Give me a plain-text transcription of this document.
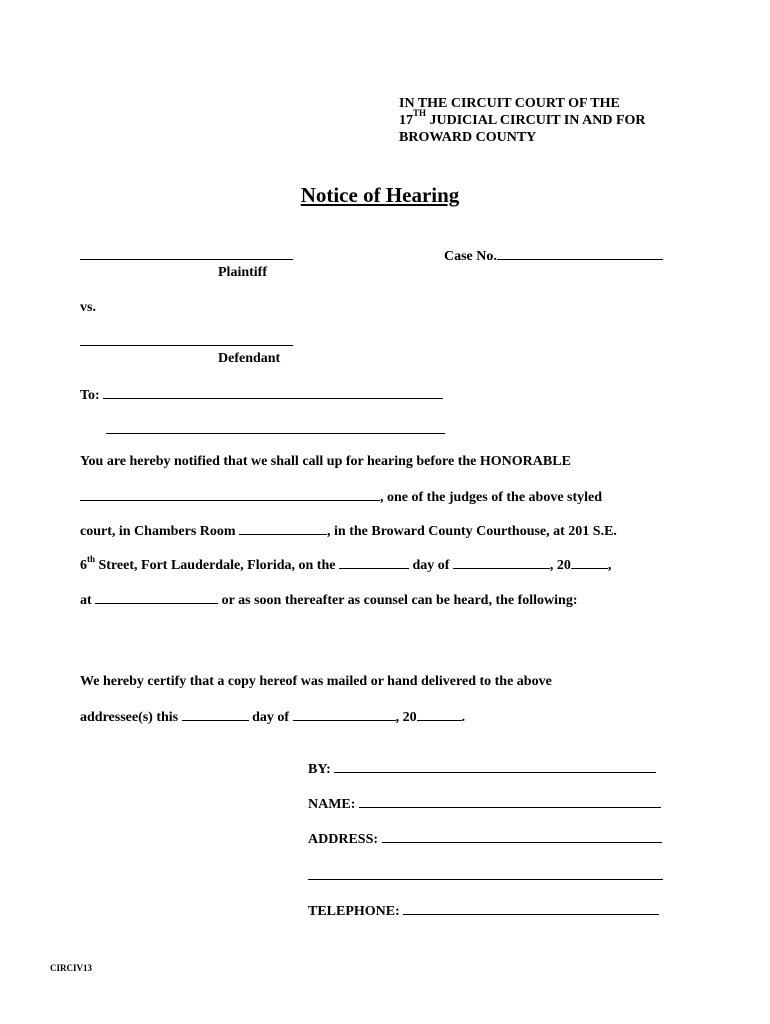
IN THE CIRCUIT COURT OF THE
17TH JUDICIAL CIRCUIT IN AND FOR
BROWARD COUNTY
Notice of Hearing
Plaintiff
Case No.
vs.
Defendant
To:
You are hereby notified that we shall call up for hearing before the HONORABLE
, one of the judges of the above styled
court, in Chambers Room	, in the Broward County Courthouse, at 201 S.E.
6th Street, Fort Lauderdale, Florida, on the	day of	, 20	,
at	or as soon thereafter as counsel can be heard, the following:
We hereby certify that a copy hereof was mailed or hand delivered to the above
addressee(s) this	day of	, 20	.
BY:
NAME:
ADDRESS:
TELEPHONE:
CIRCIV13
